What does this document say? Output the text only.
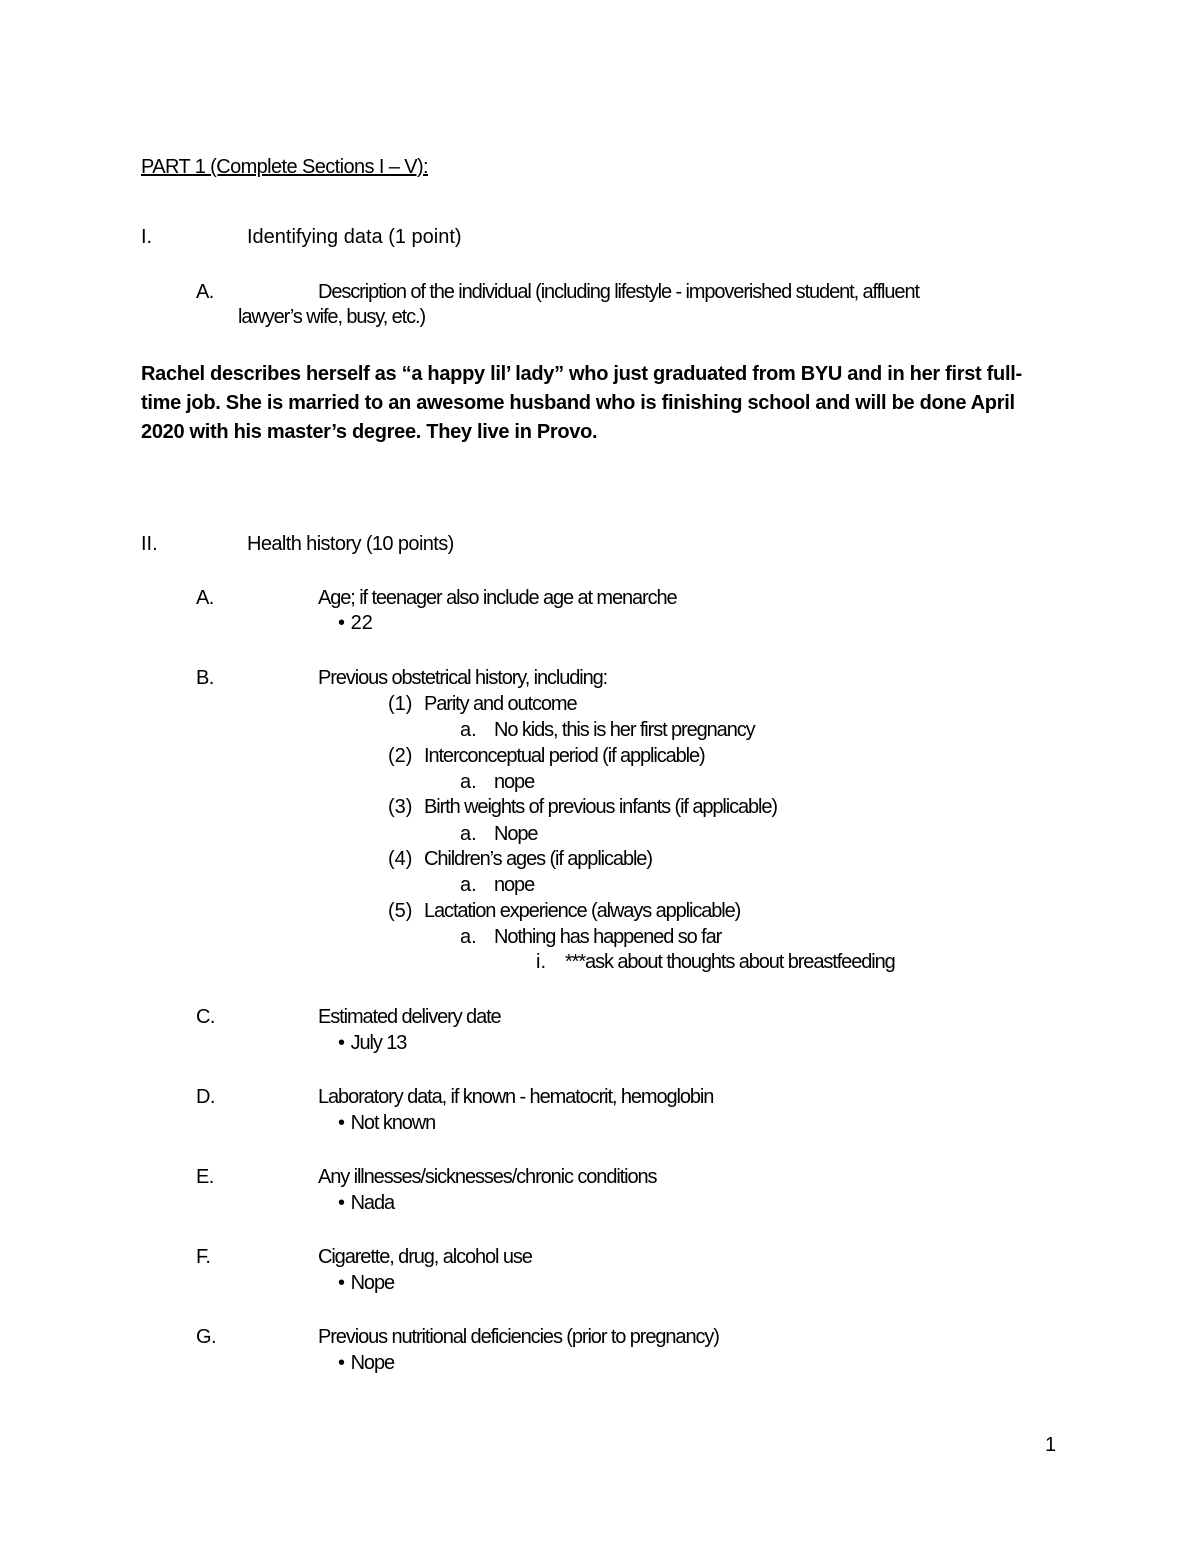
PART 1 (Complete Sections I – V):
I.	Identifying data (1 point)
A.	Description of the individual (including lifestyle - impoverished student, affluent
lawyer’s wife, busy, etc.)
Rachel describes herself as “a happy lil’ lady” who just graduated from BYU and in her first full-time job. She is married to an awesome husband who is finishing school and will be done April 2020 with his master’s degree. They live in Provo.
II.	Health history (10 points)
A.	Age; if teenager also include age at menarche
• 22
B.	Previous obstetrical history, including:
(1) Parity and outcome
a. No kids, this is her first pregnancy
(2) Interconceptual period (if applicable)
a. nope
(3) Birth weights of previous infants (if applicable)
a. Nope
(4) Children’s ages (if applicable)
a. nope
(5) Lactation experience (always applicable)
a. Nothing has happened so far
i. ***ask about thoughts about breastfeeding
C.	Estimated delivery date
• July 13
D.	Laboratory data, if known - hematocrit, hemoglobin
• Not known
E.	Any illnesses/sicknesses/chronic conditions
• Nada
F.	Cigarette, drug, alcohol use
• Nope
G.	Previous nutritional deficiencies (prior to pregnancy)
• Nope
1
